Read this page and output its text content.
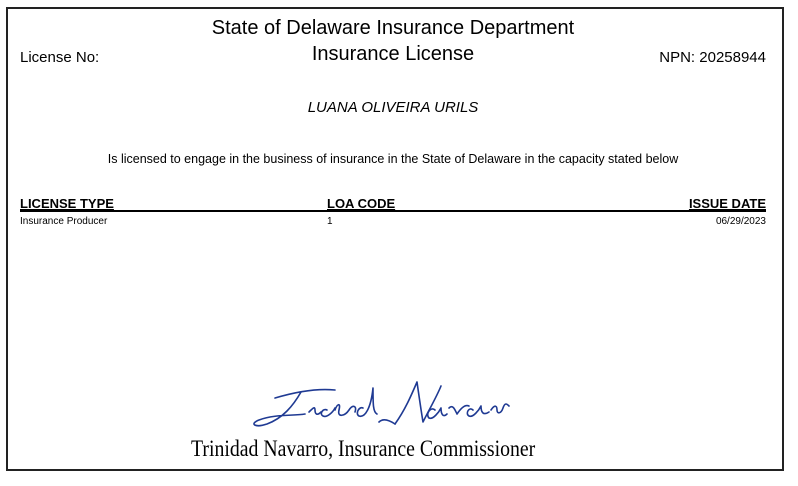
State of Delaware Insurance Department
Insurance License
License No:	NPN: 20258944
LUANA OLIVEIRA URILS
Is licensed to engage in the business of insurance in the State of Delaware in the capacity stated below
LICENSE TYPE	LOA CODE	ISSUE DATE
Insurance Producer	1	06/29/2023
Trinidad Navarro
Trinidad Navarro, Insurance Commissioner
